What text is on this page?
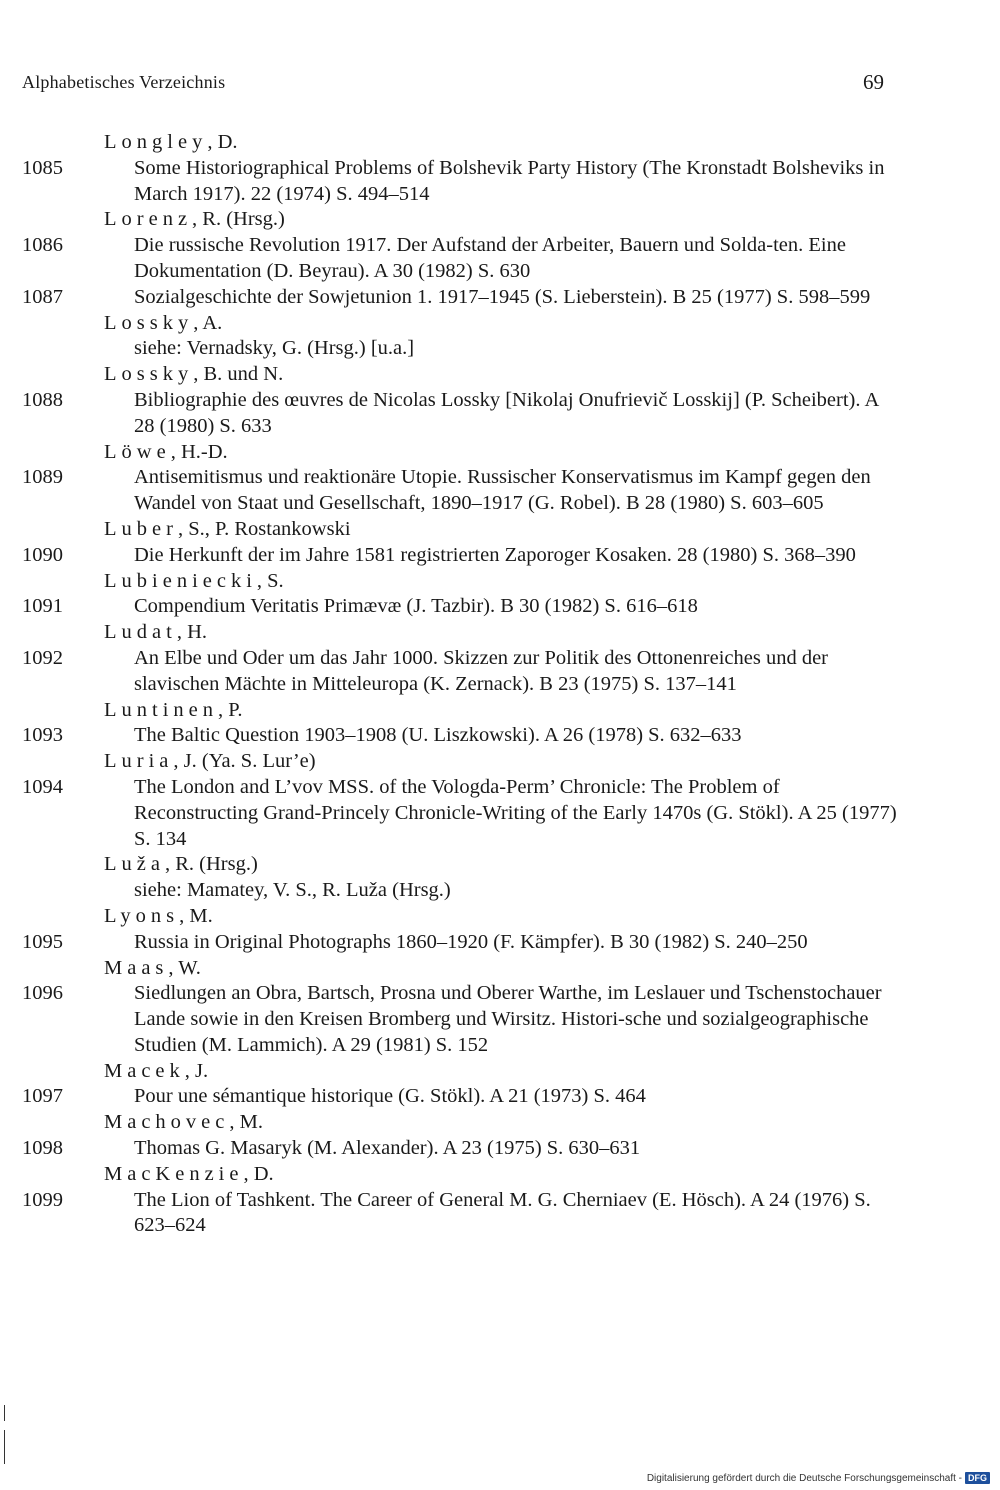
Alphabetisches Verzeichnis	69
Longley, D.
1085	Some Historiographical Problems of Bolshevik Party History (The Kronstadt Bolsheviks in March 1917). 22 (1974) S. 494–514
Lorenz, R. (Hrsg.)
1086	Die russische Revolution 1917. Der Aufstand der Arbeiter, Bauern und Solda-ten. Eine Dokumentation (D. Beyrau). A 30 (1982) S. 630
1087	Sozialgeschichte der Sowjetunion 1. 1917–1945 (S. Lieberstein). B 25 (1977) S. 598–599
Lossky, A.
siehe: Vernadsky, G. (Hrsg.) [u.a.]
Lossky, B. und N.
1088	Bibliographie des œuvres de Nicolas Lossky [Nikolaj Onufrievič Losskij] (P. Scheibert). A 28 (1980) S. 633
Löwe, H.-D.
1089	Antisemitismus und reaktionäre Utopie. Russischer Konservatismus im Kampf gegen den Wandel von Staat und Gesellschaft, 1890–1917 (G. Robel). B 28 (1980) S. 603–605
Luber, S., P. Rostankowski
1090	Die Herkunft der im Jahre 1581 registrierten Zaporoger Kosaken. 28 (1980) S. 368–390
Lubieniecki, S.
1091	Compendium Veritatis Primævæ (J. Tazbir). B 30 (1982) S. 616–618
Ludat, H.
1092	An Elbe und Oder um das Jahr 1000. Skizzen zur Politik des Ottonenreiches und der slavischen Mächte in Mitteleuropa (K. Zernack). B 23 (1975) S. 137–141
Luntinen, P.
1093	The Baltic Question 1903–1908 (U. Liszkowski). A 26 (1978) S. 632–633
Luria, J. (Ya. S. Lur’e)
1094	The London and L’vov MSS. of the Vologda-Perm’ Chronicle: The Problem of Reconstructing Grand-Princely Chronicle-Writing of the Early 1470s (G. Stökl). A 25 (1977) S. 134
Luža, R. (Hrsg.)
siehe: Mamatey, V. S., R. Luža (Hrsg.)
Lyons, M.
1095	Russia in Original Photographs 1860–1920 (F. Kämpfer). B 30 (1982) S. 240–250
Maas, W.
1096	Siedlungen an Obra, Bartsch, Prosna und Oberer Warthe, im Leslauer und Tschenstochauer Lande sowie in den Kreisen Bromberg und Wirsitz. Histori-sche und sozialgeographische Studien (M. Lammich). A 29 (1981) S. 152
Macek, J.
1097	Pour une sémantique historique (G. Stökl). A 21 (1973) S. 464
Machovec, M.
1098	Thomas G. Masaryk (M. Alexander). A 23 (1975) S. 630–631
MacKenzie, D.
1099	The Lion of Tashkent. The Career of General M. G. Cherniaev (E. Hösch). A 24 (1976) S. 623–624
Digitalisierung gefördert durch die Deutsche Forschungsgemeinschaft - DFG
